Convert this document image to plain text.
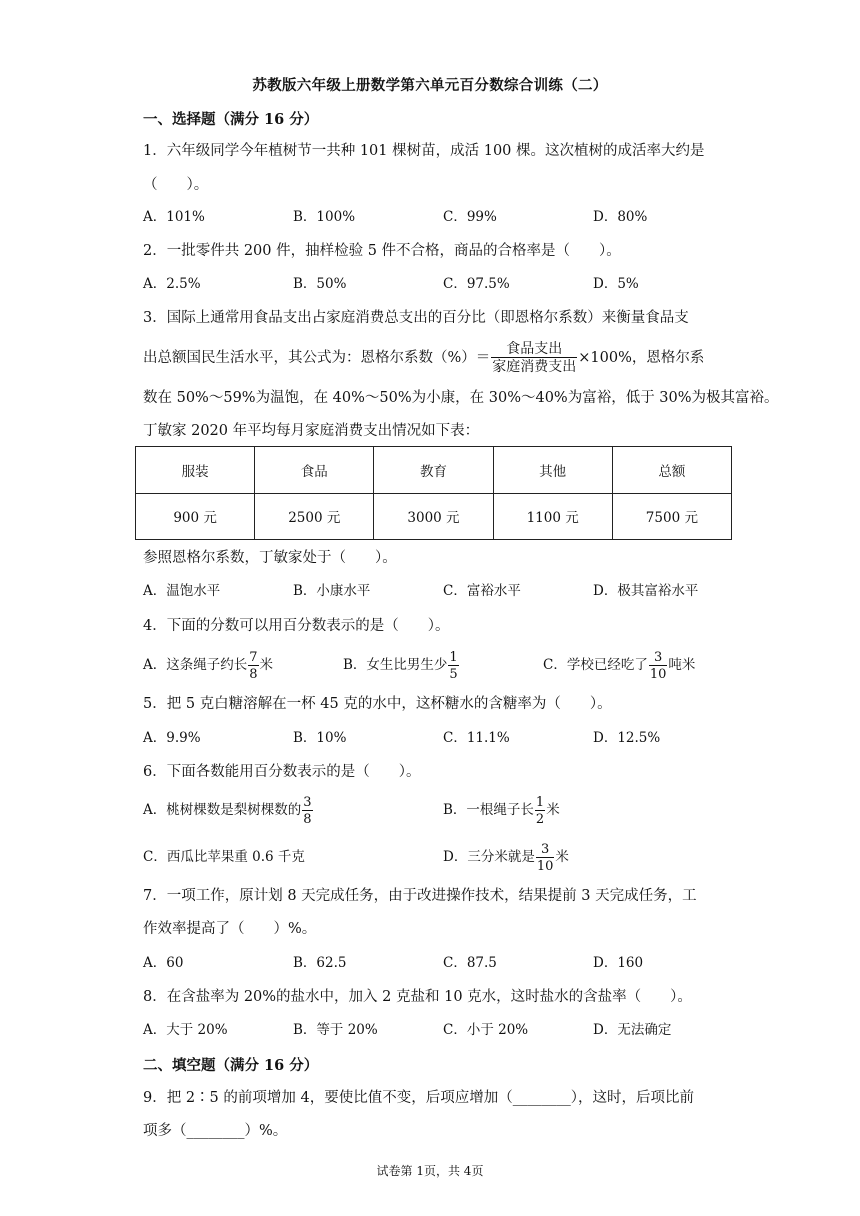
苏教版六年级上册数学第六单元百分数综合训练（二）
一、选择题（满分 16 分）
1．六年级同学今年植树节一共种 101 棵树苗，成活 100 棵。这次植树的成活率大约是
（　　）。
A．101%	B．100%	C．99%	D．80%
2．一批零件共 200 件，抽样检验 5 件不合格，商品的合格率是（　　）。
A．2.5%	B．50%	C．97.5%	D．5%
3．国际上通常用食品支出占家庭消费总支出的百分比（即恩格尔系数）来衡量食品支
出总额国民生活水平，其公式为：恩格尔系数（%）＝ $\frac{\text{食品支出}}{\text{家庭消费支出}} \times 100\%$，恩格尔系
数在 50%～59%为温饱，在 40%～50%为小康，在 30%～40%为富裕，低于 30%为极其富裕。
丁敏家 2020 年平均每月家庭消费支出情况如下表：
服装	食品	教育	其他	总额
900 元	2500 元	3000 元	1100 元	7500 元
参照恩格尔系数，丁敏家处于（　　）。
A．温饱水平	B．小康水平	C．富裕水平	D．极其富裕水平
4．下面的分数可以用百分数表示的是（　　）。
A．这条绳子约长 $\frac{7}{8}$ 米	B．女生比男生少 $\frac{1}{5}$	C．学校已经吃了 $\frac{3}{10}$ 吨米
5．把 5 克白糖溶解在一杯 45 克的水中，这杯糖水的含糖率为（　　）。
A．9.9%	B．10%	C．11.1%	D．12.5%
6．下面各数能用百分数表示的是（　　）。
A．桃树棵数是梨树棵数的 $\frac{3}{8}$	B．一根绳子长 $\frac{1}{2}$ 米
C．西瓜比苹果重 0.6 千克	D．三分米就是 $\frac{3}{10}$ 米
7．一项工作，原计划 8 天完成任务，由于改进操作技术，结果提前 3 天完成任务，工
作效率提高了（　　）%。
A．60	B．62.5	C．87.5	D．160
8．在含盐率为 20%的盐水中，加入 2 克盐和 10 克水，这时盐水的含盐率（　　）。
A．大于 20%	B．等于 20%	C．小于 20%	D．无法确定
二、填空题（满分 16 分）
9．把 2∶5 的前项增加 4，要使比值不变，后项应增加（________），这时，后项比前
项多（________）%。
试卷第 1页，共 4页
